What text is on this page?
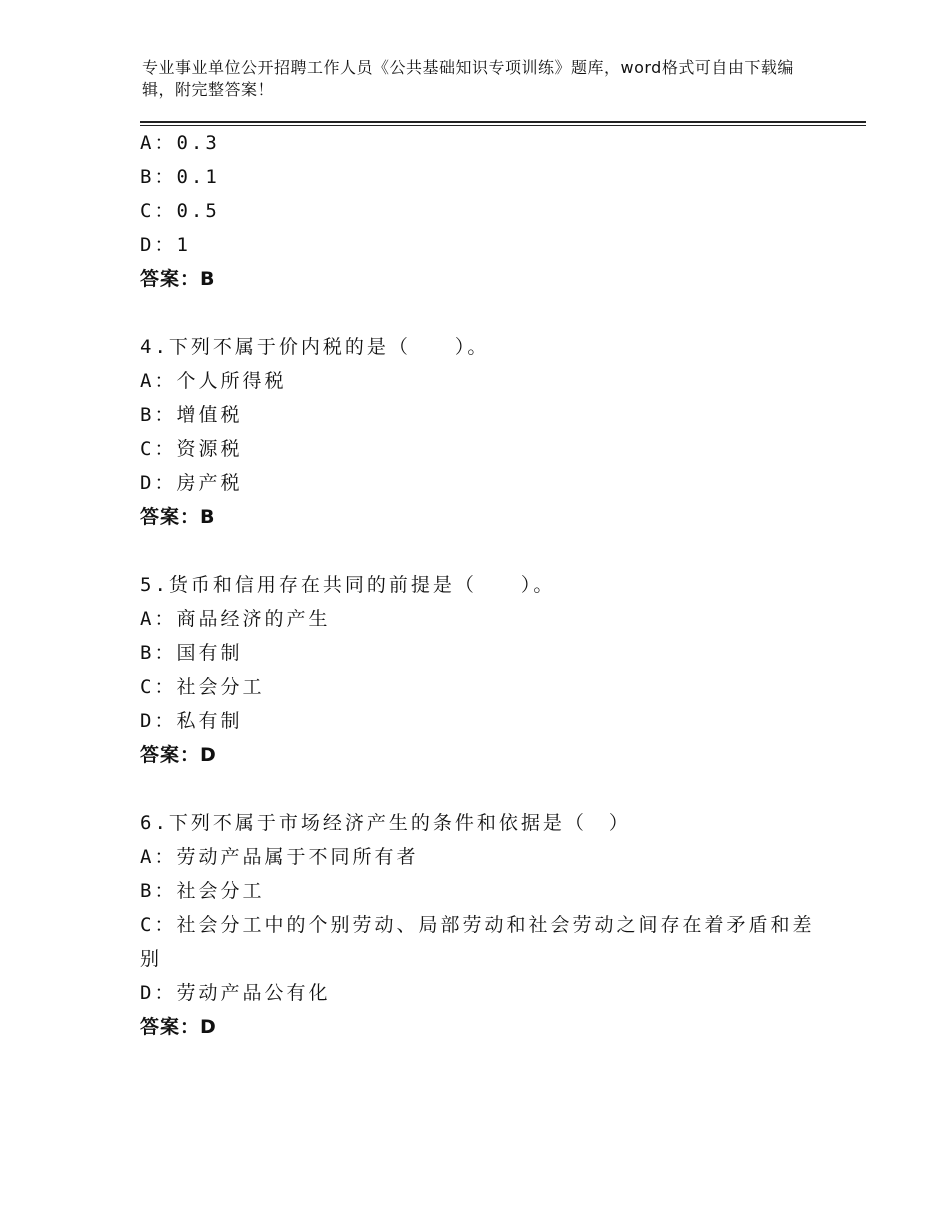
专业事业单位公开招聘工作人员《公共基础知识专项训练》题库，word格式可自由下载编辑，附完整答案！
A：0.3
B：0.1
C：0.5
D：1
答案：B
4.下列不属于价内税的是（　　）。
A：个人所得税
B：增值税
C：资源税
D：房产税
答案：B
5.货币和信用存在共同的前提是（　　）。
A：商品经济的产生
B：国有制
C：社会分工
D：私有制
答案：D
6.下列不属于市场经济产生的条件和依据是（　）
A：劳动产品属于不同所有者
B：社会分工
C：社会分工中的个别劳动、局部劳动和社会劳动之间存在着矛盾和差别
D：劳动产品公有化
答案：D
